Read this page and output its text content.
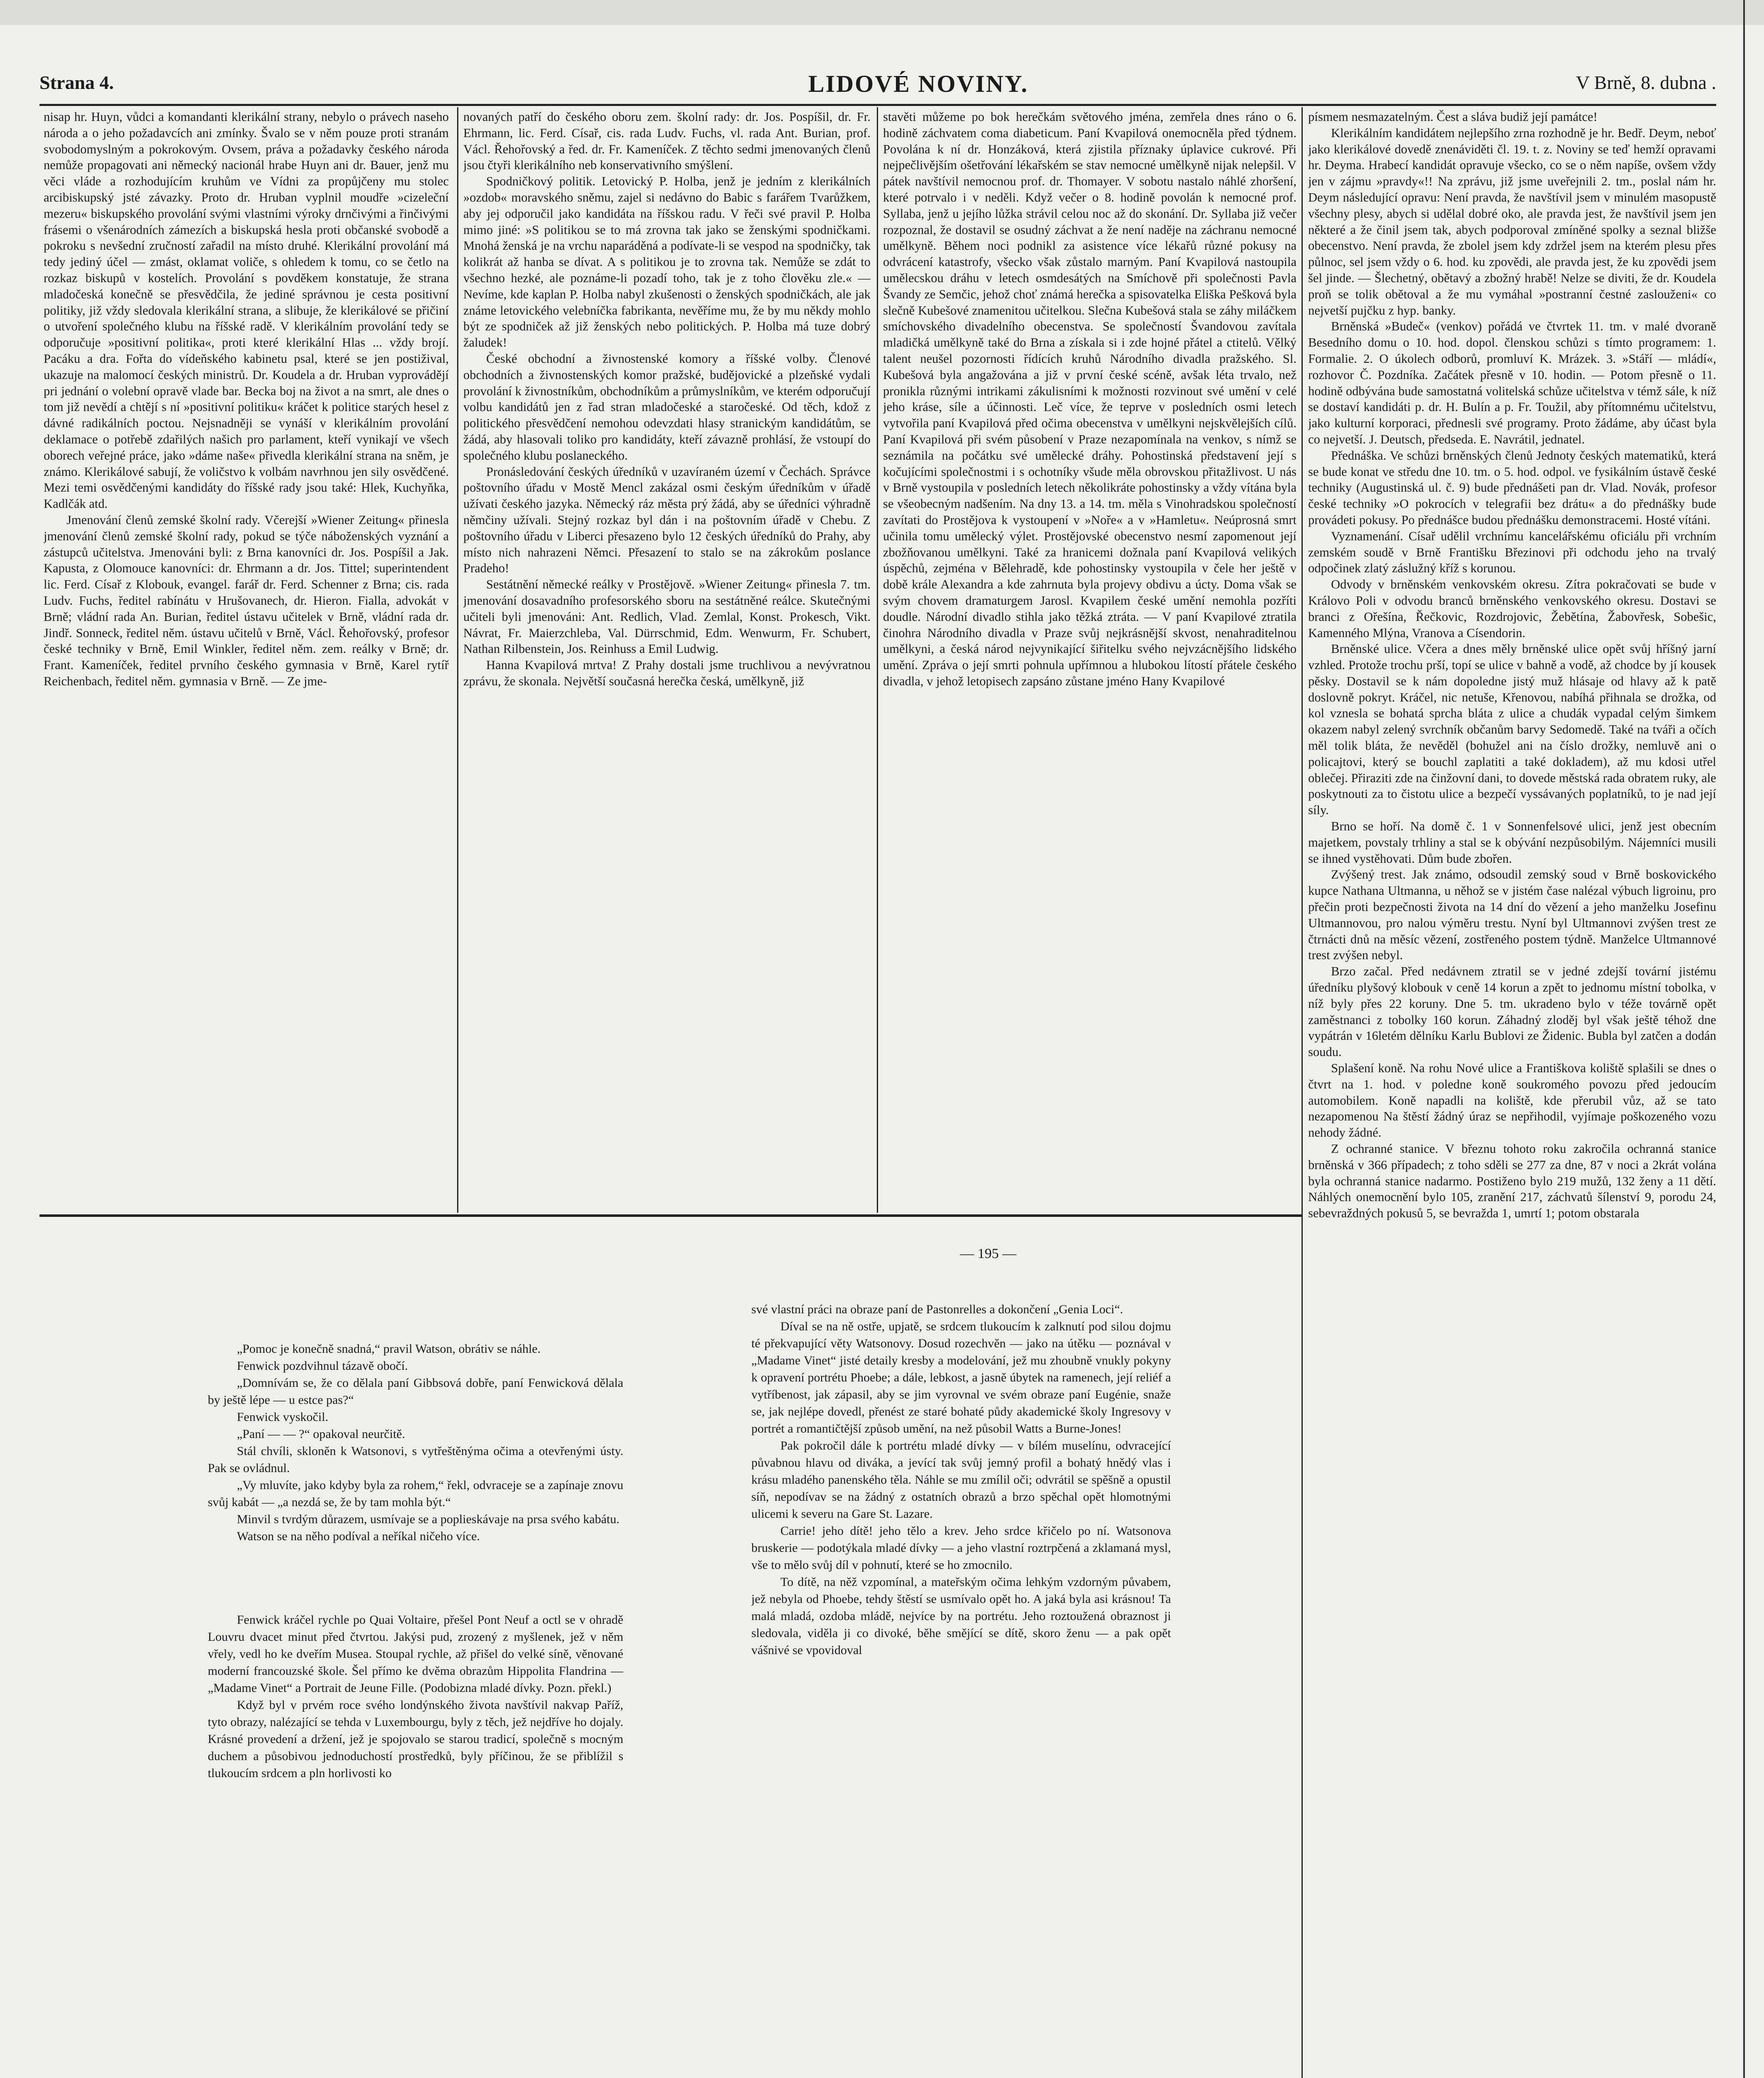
Strana 4.	LIDOVÉ NOVINY.	V Brně, 8. dubna .

nisap hr. Huyn, vůdci a komandanti klerikální strany, nebylo o právech naseho národa a o jeho požadavcích ani zmínky. Švalo se v něm pouze proti stranám svobodomyslným a pokrokovým. Ovsem, práva a požadavky českého národa nemůže propagovati ani německý nacionál hrabe Huyn ani dr. Bauer, jenž mu věci vláde a rozhodujícím kruhům ve Vídni za propůjčeny mu stolec arcibiskupský jsté závazky. Proto dr. Hruban vyplnil moudře »cizeleční mezeru« biskupského provolání svými vlastními výroky drnčivými a řinčivými frásemi o všenárodních zámezích a biskupská hesla proti občanské svobodě a pokroku s nevšední zručností zařadil na místo druhé. Klerikální provolání má tedy jediný účel — zmást, oklamat voliče, s ohledem k tomu, co se četlo na rozkaz biskupů v kostelích. Provolání s povděkem konstatuje, že strana mladočeská konečně se přesvědčila, že jediné správnou je cesta positivní politiky, již vždy sledovala klerikální strana, a slibuje, že klerikálové se přičiní o utvoření společného klubu na říšské radě. V klerikálním provolání tedy se odporučuje »positivní politika«, proti které klerikální Hlas ... vždy brojí. Pacáku a dra. Fořta do vídeňského kabinetu psal, které se jen postižival, ukazuje na malomocí českých ministrů. Dr. Koudela a dr. Hruban vyprovádějí pri jednání o volební opravě vlade bar. Becka boj na život a na smrt, ale dnes o tom již nevědí a chtějí s ní »positivní politiku« kráčet k politice starých hesel z dávné radikálních poctou. Nejsnadněji se vynáší v klerikálním provolání deklamace o potřebě zdařilých našich pro parlament, kteří vynikají ve všech oborech veřejné práce, jako »dáme naše« přivedla klerikální strana na sněm, je známo. Klerikálové sabují, že voličstvo k volbám navrhnou jen sily osvědčené. Mezi temi osvědčenými kandidáty do říšské rady jsou také: Hlek, Kuchyňka, Kadlčák atd.

Jmenování členů zemské školní rady. Včerejší »Wiener Zeitung« přinesla jmenování členů zemské školní rady, pokud se týče náboženských vyznání a zástupců učitelstva. Jmenováni byli: z Brna kanovníci dr. Jos. Pospíšil a Jak. Kapusta, z Olomouce kanovníci: dr. Ehrmann a dr. Jos. Tittel; superintendent lic. Ferd. Císař z Klobouk, evangel. farář dr. Ferd. Schenner z Brna; cis. rada Ludv. Fuchs, ředitel rabínátu v Hrušovanech, dr. Hieron. Fialla, advokát v Brně; vládní rada An. Burian, ředitel ústavu učitelek v Brně, vládní rada dr. Jindř. Sonneck, ředitel něm. ústavu učitelů v Brně, Václ. Řehořovský, profesor české techniky v Brně, Emil Winkler, ředitel něm. zem. reálky v Brně; dr. Frant. Kameníček, ředitel prvního českého gymnasia v Brně, Karel rytíř Reichenbach, ředitel něm. gymnasia v Brně. — Ze jme-

novaných patří do českého oboru zem. školní rady: dr. Jos. Pospíšil, dr. Fr. Ehrmann, lic. Ferd. Císař, cis. rada Ludv. Fuchs, vl. rada Ant. Burian, prof. Václ. Řehořovský a řed. dr. Fr. Kameníček. Z těchto sedmi jmenovaných členů jsou čtyři klerikálního neb konservativního smýšlení.

Spodničkový politik. Letovický P. Holba, jenž je jedním z klerikálních »ozdob« moravského sněmu, zajel si nedávno do Babic s farářem Tvarůžkem, aby jej odporučil jako kandidáta na říšskou radu. V řeči své pravil P. Holba mimo jiné: »S politikou se to má zrovna tak jako se ženskými spodničkami. Mnohá ženská je na vrchu naparáděná a podívate-li se vespod na spodničky, tak kolikrát až hanba se dívat. A s politikou je to zrovna tak. Nemůže se zdát to všechno hezké, ale poznáme-li pozadí toho, tak je z toho člověku zle.« — Nevíme, kde kaplan P. Holba nabyl zkušenosti o ženských spodničkách, ale jak známe letovického velebníčka fabrikanta, nevěříme mu, že by mu někdy mohlo být ze spodniček až již ženských nebo politických. P. Holba má tuze dobrý žaludek!

České obchodní a živnostenské komory a říšské volby. Členové obchodních a živnostenských komor pražské, budějovické a plzeňské vydali provolání k živnostníkům, obchodníkům a průmyslníkům, ve kterém odporučují volbu kandidátů jen z řad stran mladočeské a staročeské. Od těch, kdož z politického přesvědčení nemohou odevzdati hlasy stranickým kandidátům, se žádá, aby hlasovali toliko pro kandidáty, kteří závazně prohlásí, že vstoupí do společného klubu poslaneckého.

Pronásledování českých úředníků v uzavíraném území v Čechách. Správce poštovního úřadu v Mostě Mencl zakázal osmi českým úředníkům v úřadě užívati českého jazyka. Německý ráz města prý žádá, aby se úředníci výhradně němčiny užívali. Stejný rozkaz byl dán i na poštovním úřadě v Chebu. Z poštovního úřadu v Liberci přesazeno bylo 12 českých úředníků do Prahy, aby místo nich nahrazeni Němci. Přesazení to stalo se na zákrokům poslance Pradeho!

Sestátnění německé reálky v Prostějově. »Wiener Zeitung« přinesla 7. tm. jmenování dosavadního profesorského sboru na sestátněné reálce. Skutečnými učiteli byli jmenováni: Ant. Redlich, Vlad. Zemlal, Konst. Prokesch, Vikt. Návrat, Fr. Maierzchleba, Val. Dürrschmid, Edm. Wenwurm, Fr. Schubert, Nathan Rilbenstein, Jos. Reinhuss a Emil Ludwig.

Hanna Kvapilová mrtva! Z Prahy dostali jsme truchlivou a nevývratnou zprávu, že skonala. Největší současná herečka česká, umělkyně, již

stavěti můžeme po bok herečkám světového jména, zemřela dnes ráno o 6. hodině záchvatem coma diabeticum. Paní Kvapilová onemocněla před týdnem. Povolána k ní dr. Honzáková, která zjistila příznaky úplavice cukrové. Při nejpečlivějším ošetřování lékařském se stav nemocné umělkyně nijak nelepšil. V pátek navštívil nemocnou prof. dr. Thomayer. V sobotu nastalo náhlé zhoršení, které potrvalo i v neděli. Když večer o 8. hodině povolán k nemocné prof. Syllaba, jenž u jejího lůžka strávil celou noc až do skonání. Dr. Syllaba již večer rozpoznal, že dostavil se osudný záchvat a že není naděje na záchranu nemocné umělkyně. Během noci podnikl za asistence více lékařů různé pokusy na odvrácení katastrofy, všecko však zůstalo marným. Paní Kvapilová nastoupila umělecskou dráhu v letech osmdesátých na Smíchově při společnosti Pavla Švandy ze Semčic, jehož choť známá herečka a spisovatelka Eliška Pešková byla slečně Kubešové znamenitou učitelkou. Slečna Kubešová stala se záhy miláčkem smíchovského divadelního obecenstva. Se společností Švandovou zavítala mladičká umělkyně také do Brna a získala si i zde hojné přátel a ctitelů. Vělký talent neušel pozornosti řídících kruhů Národního divadla pražského. Sl. Kubešová byla angažována a již v první české scéně, avšak léta trvalo, než pronikla různými intrikami zákulisními k možnosti rozvinout své umění v celé jeho kráse, síle a účinnosti. Leč více, že teprve v posledních osmi letech vytvořila paní Kvapilová před očima obecenstva v umělkyni nejskvělejších cílů. Paní Kvapilová při svém působení v Praze nezapomínala na venkov, s nímž se seznámila na počátku své umělecké dráhy. Pohostinská představení její s kočujícími společnostmi i s ochotníky všude měla obrovskou přitažlivost. U nás v Brně vystoupila v posledních letech několikráte pohostinsky a vždy vítána byla se všeobecným nadšením. Na dny 13. a 14. tm. měla s Vinohradskou společností zavítati do Prostějova k vystoupení v »Noře« a v »Hamletu«. Neúprosná smrt učinila tomu umělecký výlet. Prostějovské obecenstvo nesmí zapomenout její zbožňovanou umělkyni. Také za hranicemi dožnala paní Kvapilová velikých úspěchů, zejména v Bělehradě, kde pohostinsky vystoupila v čele her ještě v době krále Alexandra a kde zahrnuta byla projevy obdivu a úcty. Doma však se svým chovem dramaturgem Jarosl. Kvapilem české umění nemohla pozříti doudle. Národní divadlo stihla jako těžká ztráta. — V paní Kvapilové ztratila činohra Národního divadla v Praze svůj nejkrásnější skvost, nenahraditelnou umělkyni, a česká národ nejvynikající šiřitelku svého nejvzácnějšího lidského umění. Zpráva o její smrti pohnula upřímnou a hlubokou lítostí přátele českého divadla, v jehož letopisech zapsáno zůstane jméno Hany Kvapilové

písmem nesmazatelným. Čest a sláva budiž její památce!

Klerikálním kandidátem nejlepšího zrna rozhodně je hr. Bedř. Deym, neboť jako klerikálové dovedě znenáviděti čl. 19. t. z. Noviny se teď hemží opravami hr. Deyma. Hrabecí kandidát opravuje všecko, co se o něm napíše, ovšem vždy jen v zájmu »pravdy«!! Na zprávu, již jsme uveřejnili 2. tm., poslal nám hr. Deym následující opravu: Není pravda, že navštívil jsem v minulém masopustě všechny plesy, abych si udělal dobré oko, ale pravda jest, že navštívil jsem jen některé a že činil jsem tak, abych podporoval zmíněné spolky a seznal bližše obecenstvo. Není pravda, že zbolel jsem kdy zdržel jsem na kterém plesu přes půlnoc, sel jsem vždy o 6. hod. ku zpovědi, ale pravda jest, že ku zpovědi jsem šel jinde. — Šlechetný, obětavý a zbožný hrabě! Nelze se diviti, že dr. Koudela proň se tolik obětoval a že mu vymáhal »postranní čestné zaslouženi« co nejvetší pujčku z hyp. banky.

Brněnská »Budeč« (venkov) pořádá ve čtvrtek 11. tm. v malé dvoraně Besedního domu o 10. hod. dopol. členskou schůzi s tímto programem: 1. Formalie. 2. O úkolech odborů, promluví K. Mrázek. 3. »Stáří — mládí«, rozhovor Č. Pozdníka. Začátek přesně v 10. hodin. — Potom přesně o 11. hodině odbývána bude samostatná volitelská schůze učitelstva v témž sále, k níž se dostaví kandidáti p. dr. H. Bulín a p. Fr. Toužil, aby přítomnému učitelstvu, jako kulturní korporaci, přednesli své programy. Proto žádáme, aby účast byla co nejvetší. J. Deutsch, předseda. E. Navrátil, jednatel.

Přednáška. Ve schůzi brněnských členů Jednoty českých matematiků, která se bude konat ve středu dne 10. tm. o 5. hod. odpol. ve fysikálním ústavě české techniky (Augustinská ul. č. 9) bude přednášeti pan dr. Vlad. Novák, profesor české techniky »O pokrocích v telegrafii bez drátu« a do přednášky bude provádeti pokusy. Po přednášce budou přednášku demonstracemi. Hosté vítáni.

Vyznamenání. Císař udělil vrchnímu kancelářskému oficiálu při vrchním zemském soudě v Brně Františku Březinovi při odchodu jeho na trvalý odpočinek zlatý záslužný kříž s korunou.

Odvody v brněnském venkovském okresu. Zítra pokračovati se bude v Královo Poli v odvodu branců brněnského venkovského okresu. Dostavi se branci z Ořešína, Řečkovic, Rozdrojovic, Žebětína, Žabovřesk, Sobešic, Kamenného Mlýna, Vranova a Císendorin.

Brněnské ulice. Včera a dnes měly brněnské ulice opět svůj hříšný jarní vzhled. Protože trochu prší, topí se ulice v bahně a vodě, až chodce by jí kousek pěsky. Dostavil se k nám dopoledne jistý muž hlásaje od hlavy až k patě doslovně pokryt. Kráčel, nic netuše, Křenovou, nabíhá přihnala se drožka, od kol vznesla se bohatá sprcha bláta z ulice a chudák vypadal celým šimkem okazem nabyl zelený svrchník občanům barvy Sedomedě. Také na tváři a očích měl tolik bláta, že nevěděl (bohužel ani na číslo drožky, nemluvě ani o policajtovi, který se bouchl zaplatiti a také dokladem), až mu kdosi utřel oblečej. Přiraziti zde na činžovní dani, to dovede městská rada obratem ruky, ale poskytnouti za to čistotu ulice a bezpečí vyssávaných poplatníků, to je nad její síly.

Brno se hoří. Na domě č. 1 v Sonnenfelsové ulici, jenž jest obecním majetkem, povstaly trhliny a stal se k obývání nezpůsobilým. Nájemníci musili se ihned vystěhovati. Dům bude zbořen.

Zvýšený trest. Jak známo, odsoudil zemský soud v Brně boskovického kupce Nathana Ultmanna, u něhož se v jistém čase nalézal výbuch ligroinu, pro přečin proti bezpečnosti života na 14 dní do vězení a jeho manželku Josefinu Ultmannovou, pro nalou výměru trestu. Nyní byl Ultmannovi zvýšen trest ze čtrnácti dnů na měsíc vězení, zostřeného postem týdně. Manželce Ultmannové trest zvýšen nebyl.

Brzo začal. Před nedávnem ztratil se v jedné zdejší tovární jistému úředníku plyšový klobouk v ceně 14 korun a zpět to jednomu místní tobolka, v níž byly přes 22 koruny. Dne 5. tm. ukradeno bylo v téže továrně opět zaměstnanci z tobolky 160 korun. Záhadný zloděj byl však ještě téhož dne vypátrán v 16letém dělníku Karlu Bublovi ze Židenic. Bubla byl zatčen a dodán soudu.

Splašení koně. Na rohu Nové ulice a Františkova koliště splašili se dnes o čtvrt na 1. hod. v poledne koně soukromého povozu před jedoucím automobilem. Koně napadli na koliště, kde přerubil vůz, až se tato nezapomenou Na štěstí žádný úraz se nepřihodil, vyjímaje poškozeného vozu nehody žádné.

Z ochranné stanice. V březnu tohoto roku zakročila ochranná stanice brněnská v 366 případech; z toho sděli se 277 za dne, 87 v noci a 2krát volána byla ochranná stanice nadarmo. Postiženo bylo 219 mužů, 132 ženy a 11 dětí. Náhlých onemocnění bylo 105, zranění 217, záchvatů šílenství 9, porodu 24, sebevraždných pokusů 5, se bevražda 1, umrtí 1; potom obstarala

— 195 —

„Pomoc je konečně snadná,“ pravil Watson, obrátiv se náhle.

Fenwick pozdvihnul tázavě obočí.

„Domnívám se, že co dělala paní Gibbsová dobře, paní Fenwicková dělala by ještě lépe — u estce pas?“

Fenwick vyskočil.

„Paní — — ?“ opakoval neurčitě.

Stál chvíli, skloněn k Watsonovi, s vytřeštěnýma očima a otevřenými ústy. Pak se ovládnul.

„Vy mluvíte, jako kdyby byla za rohem,“ řekl, odvraceje se a zapínaje znovu svůj kabát — „a nezdá se, že by tam mohla být.“

Minvil s tvrdým důrazem, usmívaje se a poplieskávaje na prsa svého kabátu.

Watson se na něho podíval a neříkal ničeho více.

Fenwick kráčel rychle po Quai Voltaire, přešel Pont Neuf a octl se v ohradě Louvru dvacet minut před čtvrtou. Jakýsi pud, zrozený z myšlenek, jež v něm vřely, vedl ho ke dveřím Musea. Stoupal rychle, až přišel do velké síně, věnované moderní francouzské škole. Šel přímo ke dvěma obrazům Hippolita Flandrina — „Madame Vinet“ a Portrait de Jeune Fille. (Podobizna mladé dívky. Pozn. překl.)

Když byl v prvém roce svého londýnského života navštívil nakvap Paříž, tyto obrazy, nalézající se tehda v Luxembourgu, byly z těch, jež nejdříve ho dojaly. Krásné provedení a držení, jež je spojovalo se starou tradicí, společně s mocným duchem a působivou jednoduchostí prostředků, byly příčinou, že se přiblížil s tlukoucím srdcem a pln horlivosti ko

své vlastní práci na obraze paní de Pastonrelles a dokončení „Genia Loci“.

Díval se na ně ostře, upjatě, se srdcem tlukoucím k zalknutí pod silou dojmu té překvapující věty Watsonovy. Dosud rozechvěn — jako na útěku — poznával v „Madame Vinet“ jisté detaily kresby a modelování, jež mu zhoubně vnukly pokyny k opravení portrétu Phoebe; a dále, lebkost, a jasně úbytek na ramenech, její reliéf a vytříbenost, jak zápasil, aby se jim vyrovnal ve svém obraze paní Eugénie, snaže se, jak nejlépe dovedl, přenést ze staré bohaté půdy akademické školy Ingresovy v portrét a romantičtější způsob umění, na než působil Watts a Burne-Jones!

Pak pokročil dále k portrétu mladé dívky — v bílém muselínu, odvracející půvabnou hlavu od diváka, a jevící tak svůj jemný profil a bohatý hnědý vlas i krásu mladého panenského těla. Náhle se mu zmílil oči; odvrátil se spěšně a opustil síň, nepodívav se na žádný z ostatních obrazů a brzo spěchal opět hlomotnými ulicemi k severu na Gare St. Lazare.

Carrie! jeho dítě! jeho tělo a krev. Jeho srdce křičelo po ní. Watsonova bruskerie — podotýkala mladé dívky — a jeho vlastní roztrpčená a zklamaná mysl, vše to mělo svůj díl v pohnutí, které se ho zmocnilo.

To dítě, na něž vzpomínal, a mateřským očima lehkým vzdorným půvabem, jež nebyla od Phoebe, tehdy štěstí se usmívalo opět ho. A jaká byla asi krásnou! Ta malá mladá, ozdoba mládě, nejvíce by na portrétu. Jeho roztoužená obraznost ji sledovala, viděla ji co divoké, běhe smějící se dítě, skoro ženu — a pak opět vášnivé se vpovidoval
